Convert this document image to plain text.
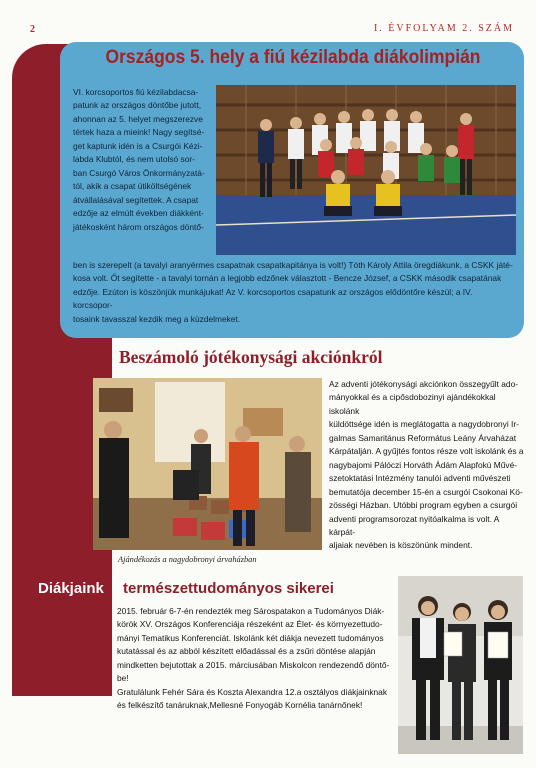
2	I. ÉVFOLYAM 2. SZÁM
Országos 5. hely a fiú kézilabda diákolimpián
VI. korcsoportos fiú kézilabdacsa-
patunk az országos döntőbe jutott,
ahonnan az 5. helyet megszerezve
tértek haza a mieink! Nagy segítsé-
get kaptunk idén is a Csurgói Kézi-
labda Klubtól, és nem utolsó sor-
ban Csurgó Város Önkormányzatá-
tól, akik a csapat útiköltségének
átvállalásával segítettek. A csapat
edzője az elmúlt években diákként-
játékosként három országos döntő-
ben is szerepelt (a tavalyi aranyérmes csapatnak csapatkapitánya is volt!) Tóth Károly Attila öregdiákunk, a CSKK játé-
kosa volt. Őt segítette - a tavalyi tornán a legjobb edzőnek választott - Bencze József, a CSKK második csapatának
edzője. Ezúton is köszönjük munkájukat! Az V. korcsoportos csapatunk az országos elődöntőre készül; a IV. korcsopor-
tosaink tavasszal kezdik meg a küzdelmeket.
Beszámoló jótékonysági akciónkról
Ajándékozás a nagydobronyi árvaházban
Az adventi jótékonysági akciónkon összegyűlt ado-
mányokkal és a cipősdobozinyi ajándékokkal iskolánk
küldöttsége idén is meglátogatta a nagydobronyi Ir-
galmas Samaritánus Református Leány Árvaházat
Kárpátalján. A gyűjtés fontos része volt iskolánk és a
nagybajomi Pálóczi Horváth Ádám Alapfokú Művé-
szetoktatási Intézmény tanulói adventi művészeti
bemutatója december 15-én a csurgói Csokonai Kö-
zösségi Házban. Utóbbi program egyben a csurgói
adventi programsorozat nyitóalkalma is volt. A kárpát-
aljaiak nevében is köszönünk mindent.
Diákjaink természettudományos sikerei
2015. február 6-7-én rendezték meg Sárospatakon a Tudományos Diák-
körök XV. Országos Konferenciája részeként az Élet- és környezettudo-
mányi Tematikus Konferenciát. Iskolánk két diákja nevezett tudományos
kutatással és az abból készített előadással és a zsűri döntése alapján
mindketten bejutottak a 2015. márciusában Miskolcon rendezendő döntő-
be!
Gratulálunk Fehér Sára és Koszta Alexandra 12.a osztályos diákjainknak
és felkészítő tanáruknak,Mellesné Fonyogáb Kornélia tanárnőnek!
